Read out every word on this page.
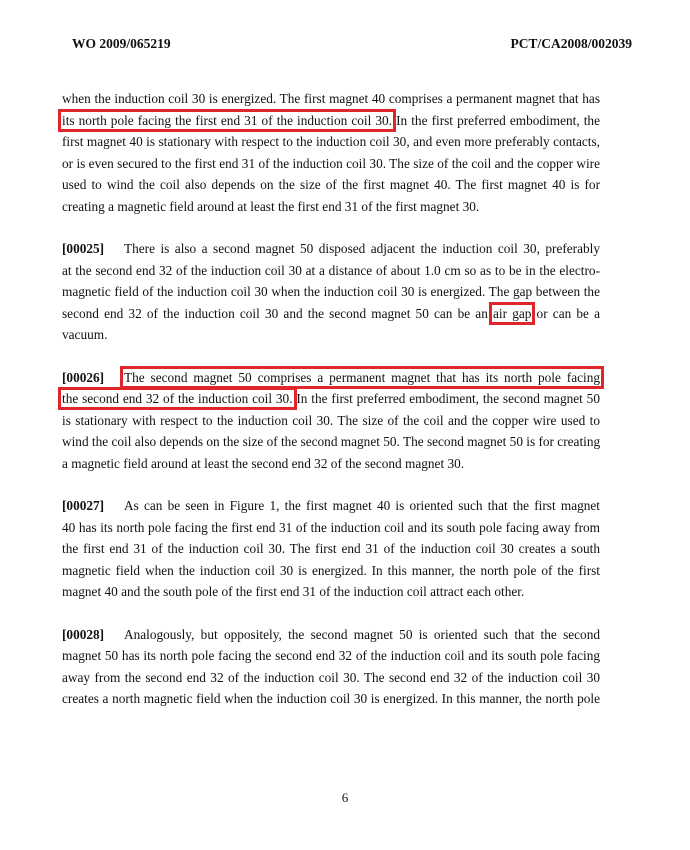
WO 2009/065219	PCT/CA2008/002039
when the induction coil 30 is energized. The first magnet 40 comprises a permanent magnet that has
its north pole facing the first end 31 of the induction coil 30. In the first preferred embodiment, the
first magnet 40 is stationary with respect to the induction coil 30, and even more preferably contacts,
or is even secured to the first end 31 of the induction coil 30. The size of the coil and the copper wire
used to wind the coil also depends on the size of the first magnet 40. The first magnet 40 is for
creating a magnetic field around at least the first end 31 of the first magnet 30.
[00025] There is also a second magnet 50 disposed adjacent the induction coil 30, preferably
at the second end 32 of the induction coil 30 at a distance of about 1.0 cm so as to be in the electro-
magnetic field of the induction coil 30 when the induction coil 30 is energized. The gap between the
second end 32 of the induction coil 30 and the second magnet 50 can be an air gap or can be a
vacuum.
[00026] The second magnet 50 comprises a permanent magnet that has its north pole facing
the second end 32 of the induction coil 30. In the first preferred embodiment, the second magnet 50
is stationary with respect to the induction coil 30. The size of the coil and the copper wire used to
wind the coil also depends on the size of the second magnet 50. The second magnet 50 is for creating
a magnetic field around at least the second end 32 of the second magnet 30.
[00027] As can be seen in Figure 1, the first magnet 40 is oriented such that the first magnet
40 has its north pole facing the first end 31 of the induction coil and its south pole facing away from
the first end 31 of the induction coil 30. The first end 31 of the induction coil 30 creates a south
magnetic field when the induction coil 30 is energized. In this manner, the north pole of the first
magnet 40 and the south pole of the first end 31 of the induction coil attract each other.
[00028] Analogously, but oppositely, the second magnet 50 is oriented such that the second
magnet 50 has its north pole facing the second end 32 of the induction coil and its south pole facing
away from the second end 32 of the induction coil 30. The second end 32 of the induction coil 30
creates a north magnetic field when the induction coil 30 is energized. In this manner, the north pole
6
